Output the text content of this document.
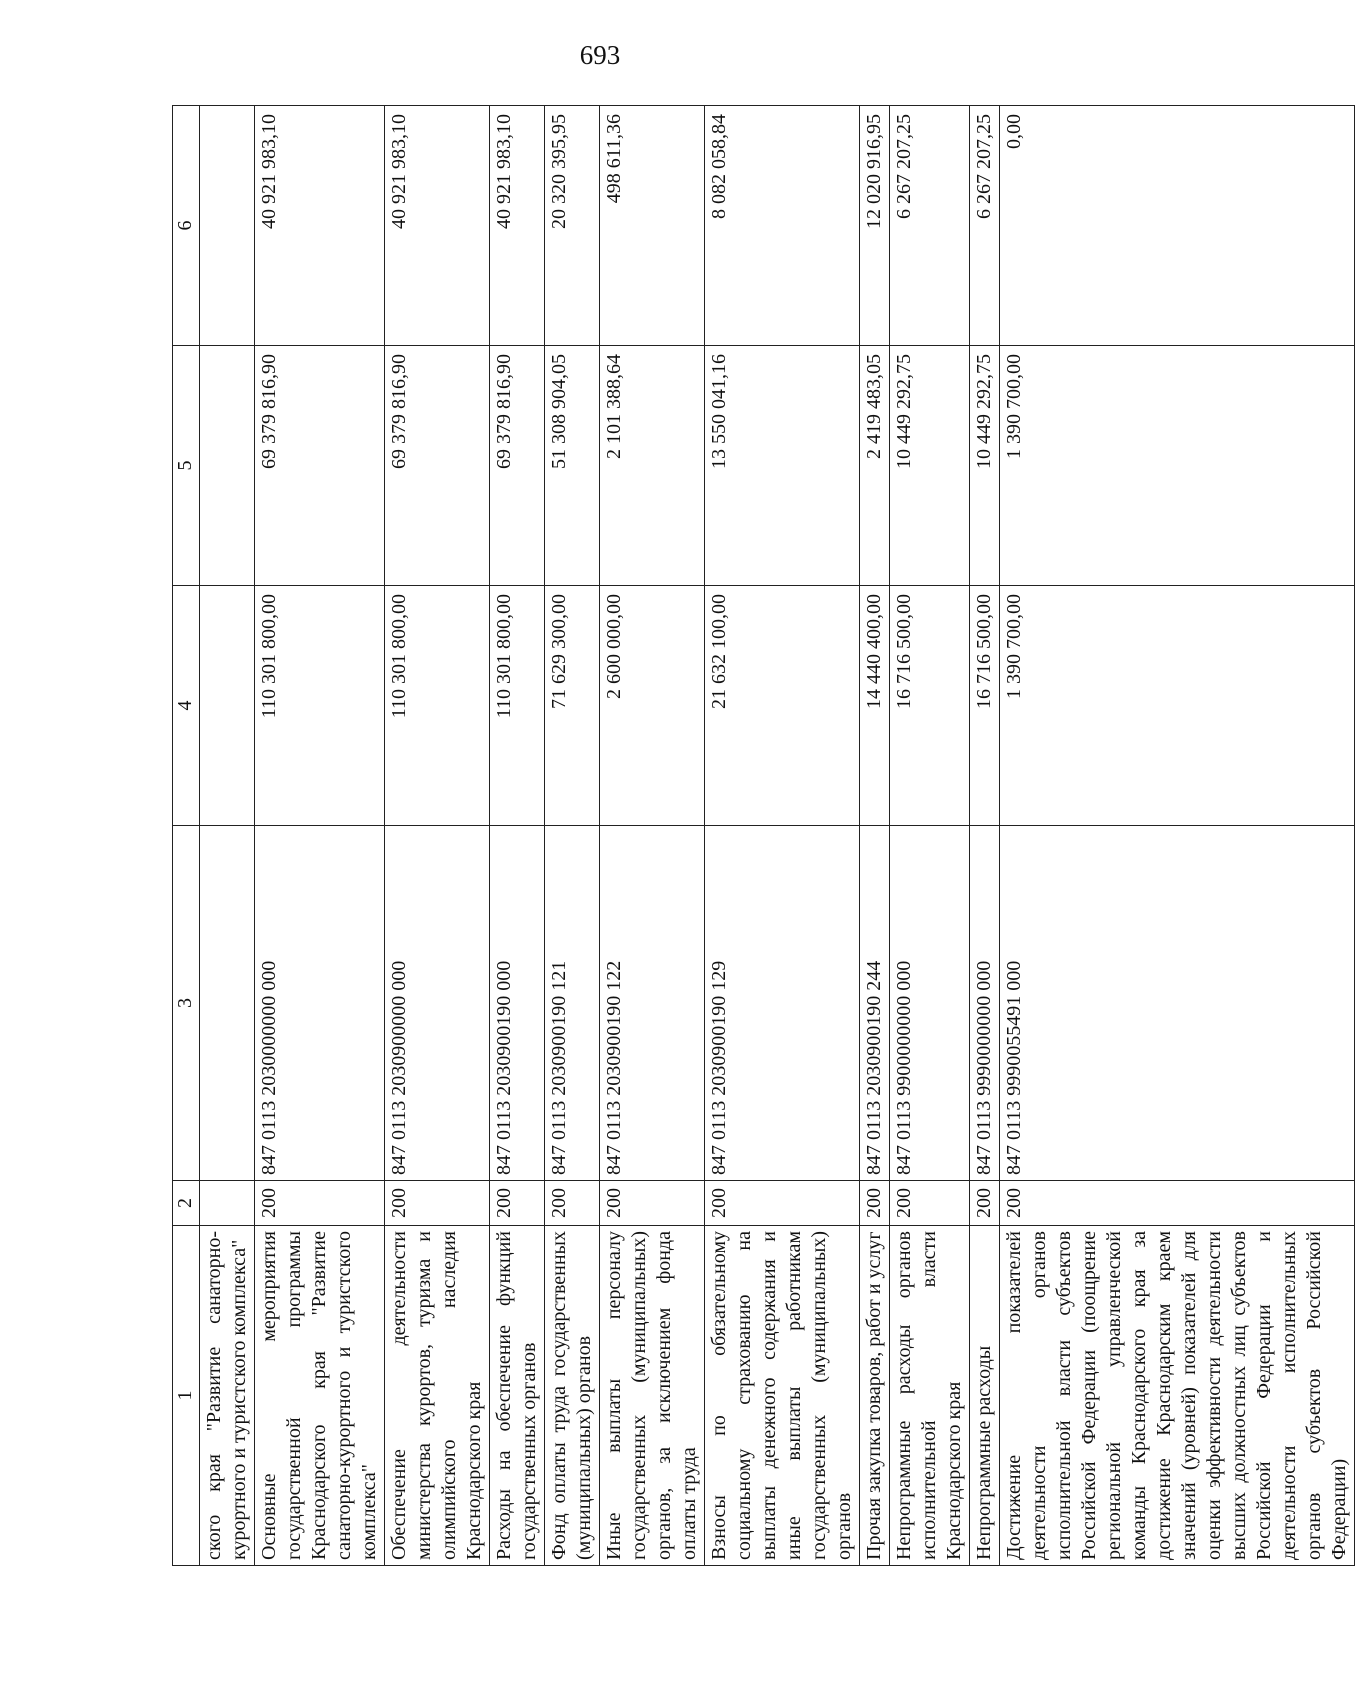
693
1	2	3	4	5	6
ского края "Развитие санаторно-курортного и туристского комплекса"					
Основные мероприятия государственной программы Краснодарского края "Развитие санаторно-курортного и туристского комплекса"	200	847 0113 2030000000 000	110 301 800,00	69 379 816,90	40 921 983,10
Обеспечение деятельности министерства курортов, туризма и олимпийского наследия Краснодарского края	200	847 0113 2030900000 000	110 301 800,00	69 379 816,90	40 921 983,10
Расходы на обеспечение функций государственных органов	200	847 0113 2030900190 000	110 301 800,00	69 379 816,90	40 921 983,10
Фонд оплаты труда государственных (муниципальных) органов	200	847 0113 2030900190 121	71 629 300,00	51 308 904,05	20 320 395,95
Иные выплаты персоналу государственных (муниципальных) органов, за исключением фонда оплаты труда	200	847 0113 2030900190 122	2 600 000,00	2 101 388,64	498 611,36
Взносы по обязательному социальному страхованию на выплаты денежного содержания и иные выплаты работникам государственных (муниципальных) органов	200	847 0113 2030900190 129	21 632 100,00	13 550 041,16	8 082 058,84
Прочая закупка товаров, работ и услуг	200	847 0113 2030900190 244	14 440 400,00	2 419 483,05	12 020 916,95
Непрограммные расходы органов исполнительной власти Краснодарского края	200	847 0113 9900000000 000	16 716 500,00	10 449 292,75	6 267 207,25
Непрограммные расходы	200	847 0113 9990000000 000	16 716 500,00	10 449 292,75	6 267 207,25
Достижение показателей деятельности органов исполнительной власти субъектов Российской Федерации (поощрение региональной управленческой команды Краснодарского края за достижение Краснодарским краем значений (уровней) показателей для оценки эффективности деятельности высших должностных лиц субъектов Российской Федерации и деятельности исполнительных органов субъектов Российской Федерации)	200	847 0113 9990055491 000	1 390 700,00	1 390 700,00	0,00
